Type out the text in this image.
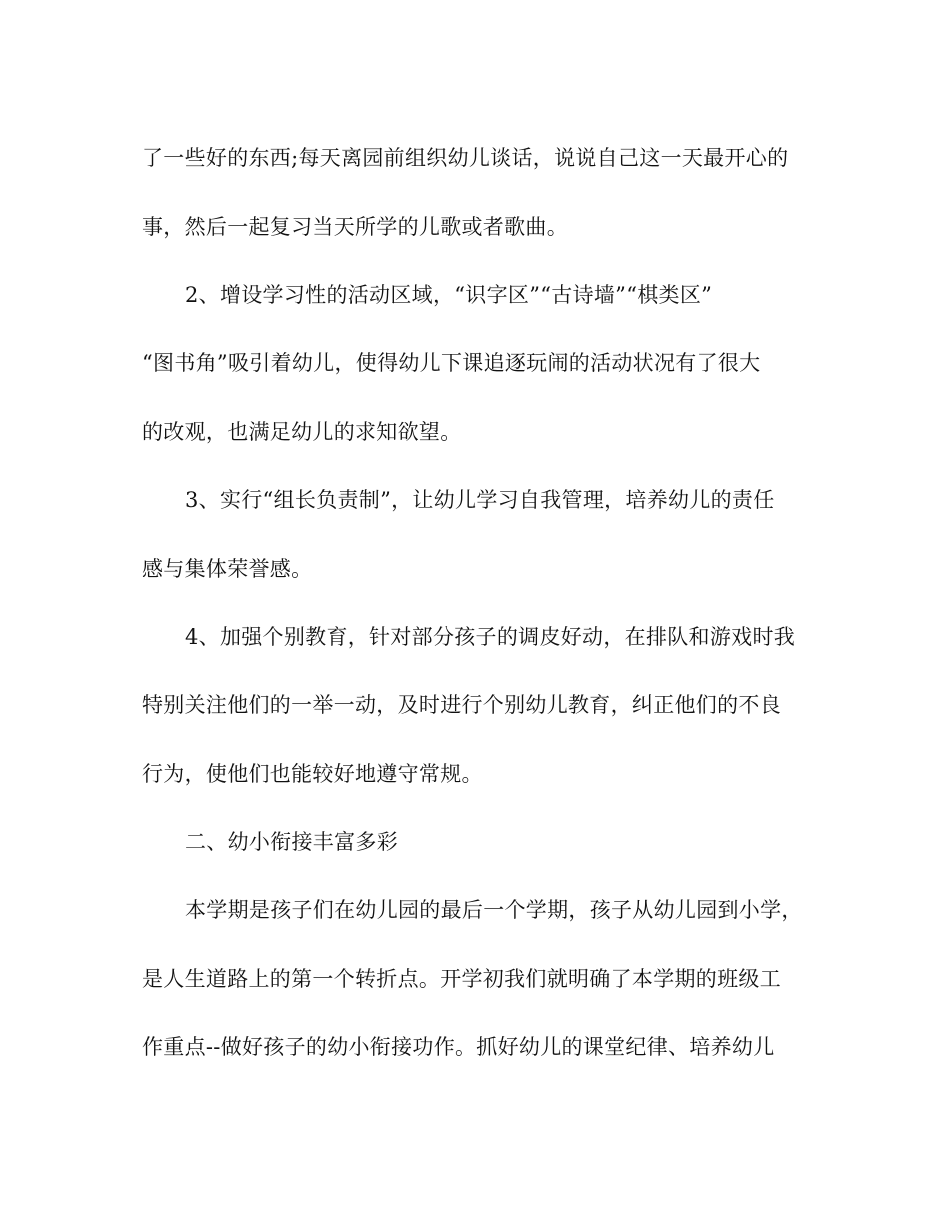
了一些好的东西;每天离园前组织幼儿谈话，说说自己这一天最开心的
事，然后一起复习当天所学的儿歌或者歌曲。
2、增设学习性的活动区域，“识字区”“古诗墙”“棋类区”
“图书角”吸引着幼儿，使得幼儿下课追逐玩闹的活动状况有了很大
的改观，也满足幼儿的求知欲望。
3、实行“组长负责制”，让幼儿学习自我管理，培养幼儿的责任
感与集体荣誉感。
4、加强个别教育，针对部分孩子的调皮好动，在排队和游戏时我
特别关注他们的一举一动，及时进行个别幼儿教育，纠正他们的不良
行为，使他们也能较好地遵守常规。
二、幼小衔接丰富多彩
本学期是孩子们在幼儿园的最后一个学期，孩子从幼儿园到小学，
是人生道路上的第一个转折点。开学初我们就明确了本学期的班级工
作重点--做好孩子的幼小衔接功作。抓好幼儿的课堂纪律、培养幼儿
